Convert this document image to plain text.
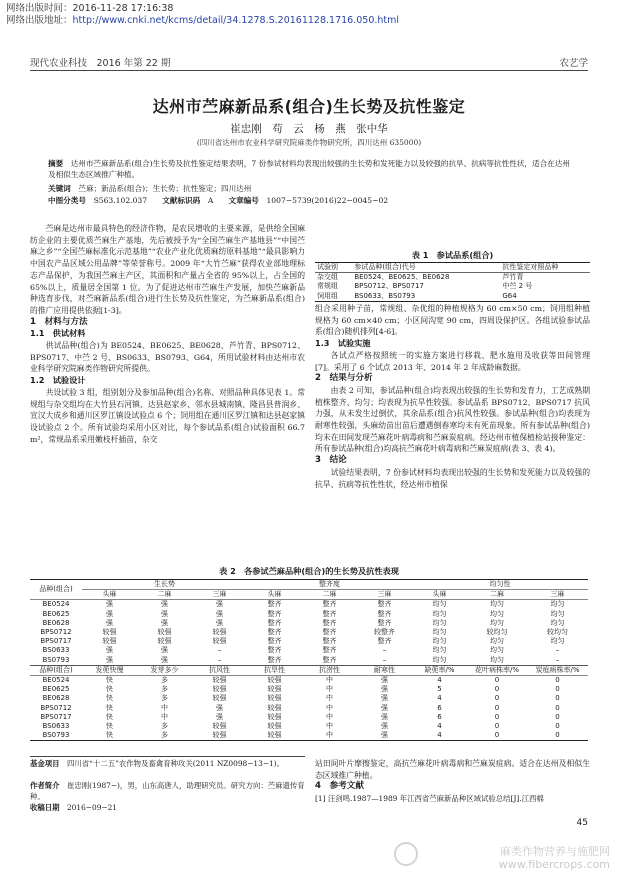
网络出版时间：2016-11-28 17:16:38
网络出版地址：http://www.cnki.net/kcms/detail/34.1278.S.20161128.1716.050.html
现代农业科技　2016 年第 22 期	农艺学
达州市苎麻新品系(组合)生长势及抗性鉴定
崔忠刚　苟　云　杨　燕　张中华
(四川省达州市农业科学研究院麻类作物研究所，四川达州 635000)
摘要　 达州市苎麻新品系(组合)生长势及抗性鉴定结果表明，7 份参试材料均表现出较强的生长势和发死能力以及较强的抗旱、抗病等抗性性状，适合在达州及相似生态区域推广种植。
关键词　 苎麻；新品系(组合)；生长势；抗性鉴定；四川达州
中图分类号　 S563.102.037　　 文献标识码　 A　　 文章编号　 1007−5739(2016)22−0045−02

苎麻是达州市最具特色的经济作物，是农民增收的主要来源，是供给全国麻纺企业的主要优质苎麻生产基地，先后被授予为“全国苎麻生产基地县”“中国苎麻之乡”“全国苎麻标准化示范基地”“农业产业化优质麻纺原料基地”“最具影响力中国农产品区域公用品牌”等荣誉称号。2009 年“大竹苎麻”获得农业部地理标志产品保护，为我国苎麻主产区，其面积和产量占全省的 95%以上，占全国的 65%以上，质量居全国第 1 位。为了促进达州市苎麻生产发展，加快苎麻新品种选育步伐，对苎麻新品系(组合)进行生长势及抗性鉴定，为苎麻新品系(组合)的推广应用提供依据[1-3]。

1　材料与方法
1.1　供试材料

供试品种(组合)为 BE0524、BE0625、BE0628、芦竹青、BPS0712、BPS0717、中苎 2 号、BS0633、BS0793、G64，所用试验材料由达州市农业科学研究院麻类作物研究所提供。

1.2　试验设计

共设试验 3 组，组别划分及参加品种(组合)名称、对照品种具体见表 1。常规组与杂交组均在大竹县石河镇、达县赵家乡、邻水县城南镇、隆昌县普润乡、宣汉大成乡和通川区罗江镇设试验点 6 个；饲用组在通川区罗江镇和达县赵家镇设试验点 2 个。所有试验均采用小区对比，每个参试品系(组合)试验面积 66.7 m²，常规品系采用嫩枝杆插苗，杂交

表 1　参试品系(组合)
试验别	参试品种(组合)代号	抗性鉴定对照品种
杂交组	BE0524、BE0625、BE0628	芦竹青
常规组	BPS0712、BPS0717	中苎 2 号
饲用组	BS0633、BS0793	G64

组合采用种子苗，常规组、杂优组的种植规格为 60 cm×50 cm；饲用组种植规格为 60 cm×40 cm；小区间沟宽 90 cm，四周设保护区。各组试验参试品系(组合)随机排列[4-6]。

1.3　试验实施

各试点严格按照统一的实施方案进行移栽、肥水施用及收获等田间管理[7]。采用了 6 个试点 2013 年、2014 年 2 年成龄麻数据。

2　结果与分析

由表 2 可知，参试品种(组合)均表现出较强的生长势和发育力，工艺成熟期植株整齐、均匀；均表现为抗旱性较强。参试品系 BPS0712、BPS0717 抗风力强，从未发生过倒伏，其余品系(组合)抗风性较强。参试品种(组合)均表现为耐寒性较强，头麻幼苗出苗后遭遇倒春寒均未有死苗现象。所有参试品种(组合)均未在田间发现苎麻花叶病毒病和苎麻炭疽病。经达州市植保植检站接种鉴定：所有参试品种(组合)均高抗苎麻花叶病毒病和苎麻炭疽病(表 3、表 4)。

3　结论

试验结果表明，7 份参试材料均表现出较强的生长势和发死能力以及较强的抗旱、抗病等抗性性状，经达州市植保

表 2　各参试苎麻品种(组合)的生长势及抗性表现
品种(组合)	生长势			整齐度			均匀性		
	头麻	二麻	三麻	头麻	二麻	三麻	头麻	二麻	三麻
BE0524	强	强	强	整齐	整齐	整齐	均匀	均匀	均匀
BE0625	强	强	强	整齐	整齐	整齐	均匀	均匀	均匀
BE0628	强	强	强	整齐	整齐	整齐	均匀	均匀	均匀
BPS0712	较强	较强	较强	整齐	整齐	较整齐	均匀	较均匀	较均匀
BPS0717	较强	较强	较强	整齐	整齐	整齐	均匀	均匀	均匀
BS0633	强	强	–	整齐	整齐	–	均匀	均匀	–
BS0793	强	强	–	整齐	整齐	–	均匀	均匀	–
品种(组合)	发蔸快慢	发芽多少	抗风性	抗旱性	抗涝性	耐寒性	缺蔸率/%	花叶病株率/%	炭疽病株率/%
BE0524	快	多	较强	较强	中	强	4	0	0
BE0625	快	多	较强	较强	中	强	5	0	0
BE0628	快	多	较强	较强	中	强	4	0	0
BPS0712	快	中	强	较强	中	强	6	0	0
BPS0717	快	中	强	较强	中	强	6	0	0
BS0633	快	多	较强	较强	中	强	4	0	0
BS0793	快	多	较强	较强	中	强	4	0	0
基金项目　 四川省“十二五”农作物及畜禽育种攻关(2011 NZ0098−13−1)。
作者简介　 崔忠刚(1987−)，男，山东高唐人，助理研究员。研究方向：苎麻遗传育种。
收稿日期　 2016−09−21

站田间叶片摩擦鉴定，高抗苎麻花叶病毒病和苎麻炭疽病。适合在达州及相似生态区域推广种植。

4　参考文献
[1] 汪剑鸣.1987—1989 年江西省苎麻新品种区域试验总结[J].江西棉
45
麻类作物营养与施肥网
www.fibercrops.com
